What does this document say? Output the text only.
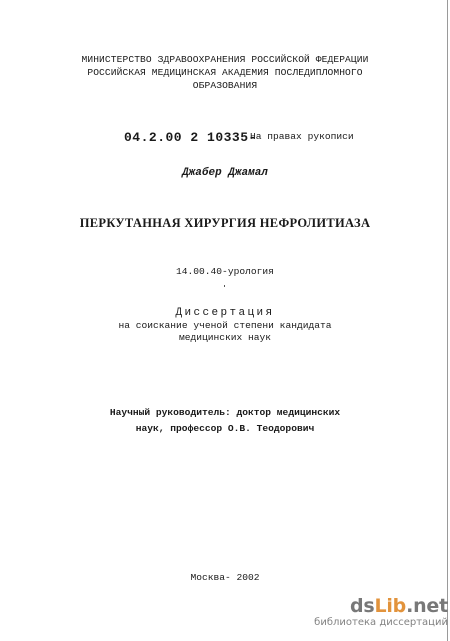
МИНИСТЕРСТВО ЗДРАВООХРАНЕНИЯ РОССИЙСКОЙ ФЕДЕРАЦИИ
РОССИЙСКАЯ МЕДИЦИНСКАЯ АКАДЕМИЯ ПОСЛЕДИПЛОМНОГО
ОБРАЗОВАНИЯ
04.2.00 2 10335-
На правах рукописи
Джабер Джамал
ПЕРКУТАННАЯ ХИРУРГИЯ НЕФРОЛИТИАЗА
14.00.40-урология
Диссертация
на соискание ученой степени кандидата
медицинских наук
Научный руководитель: доктор медицинских
наук, профессор О.В. Теодорович
Москва- 2002
dsLib.net
библиотека диссертаций
